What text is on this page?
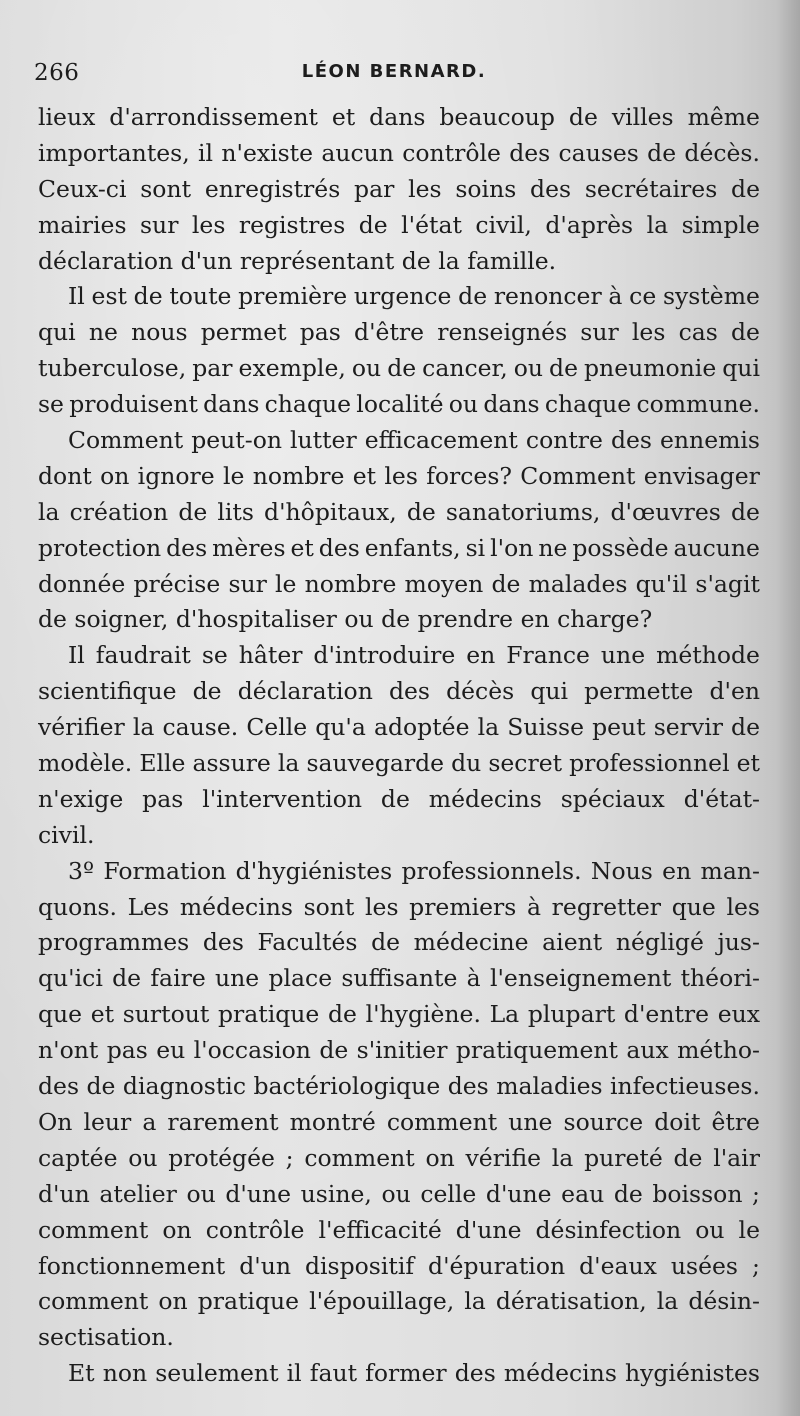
266	LÉON BERNARD.
lieux d'arrondissement et dans beaucoup de villes même
importantes, il n'existe aucun contrôle des causes de décès.
Ceux-ci sont enregistrés par les soins des secrétaires de
mairies sur les registres de l'état civil, d'après la simple
déclaration d'un représentant de la famille.
Il est de toute première urgence de renoncer à ce système
qui ne nous permet pas d'être renseignés sur les cas de
tuberculose, par exemple, ou de cancer, ou de pneumonie qui
se produisent dans chaque localité ou dans chaque commune.
Comment peut-on lutter efficacement contre des ennemis
dont on ignore le nombre et les forces? Comment envisager
la création de lits d'hôpitaux, de sanatoriums, d'œuvres de
protection des mères et des enfants, si l'on ne possède aucune
donnée précise sur le nombre moyen de malades qu'il s'agit
de soigner, d'hospitaliser ou de prendre en charge?
Il faudrait se hâter d'introduire en France une méthode
scientifique de déclaration des décès qui permette d'en
vérifier la cause. Celle qu'a adoptée la Suisse peut servir de
modèle. Elle assure la sauvegarde du secret professionnel et
n'exige pas l'intervention de médecins spéciaux d'état-
civil.
3º Formation d'hygiénistes professionnels. Nous en man-
quons. Les médecins sont les premiers à regretter que les
programmes des Facultés de médecine aient négligé jus-
qu'ici de faire une place suffisante à l'enseignement théori-
que et surtout pratique de l'hygiène. La plupart d'entre eux
n'ont pas eu l'occasion de s'initier pratiquement aux métho-
des de diagnostic bactériologique des maladies infectieuses.
On leur a rarement montré comment une source doit être
captée ou protégée ; comment on vérifie la pureté de l'air
d'un atelier ou d'une usine, ou celle d'une eau de boisson ;
comment on contrôle l'efficacité d'une désinfection ou le
fonctionnement d'un dispositif d'épuration d'eaux usées ;
comment on pratique l'épouillage, la dératisation, la désin-
sectisation.
Et non seulement il faut former des médecins hygiénistes
